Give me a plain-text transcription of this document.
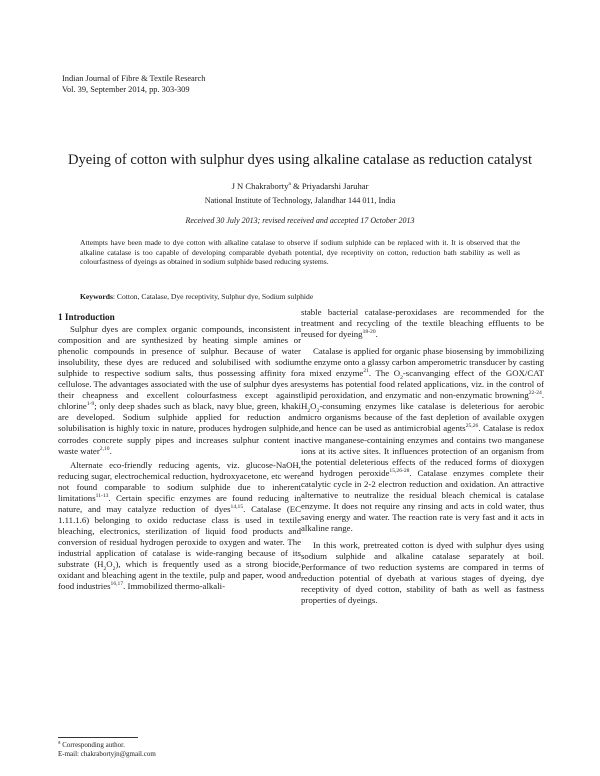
Indian Journal of Fibre & Textile Research
Vol. 39, September 2014, pp. 303-309
Dyeing of cotton with sulphur dyes using alkaline catalase as reduction catalyst
J N Chakraborty$^a$ & Priyadarshi Jaruhar
National Institute of Technology, Jalandhar 144 011, India
Received 30 July 2013; revised received and accepted 17 October 2013
Attempts have been made to dye cotton with alkaline catalase to observe if sodium sulphide can be replaced with it. It is observed that the alkaline catalase is too capable of developing comparable dyebath potential, dye receptivity on cotton, reduction bath stability as well as colourfastness of dyeings as obtained in sodium sulphide based reducing systems.
Keywords: Cotton, Catalase, Dye receptivity, Sulphur dye, Sodium sulphide
1 Introduction

Sulphur dyes are complex organic compounds, inconsistent in composition and are synthesized by heating simple amines or phenolic compounds in presence of sulphur. Because of water insolubility, these dyes are reduced and solubilised with sodium sulphide to respective sodium salts, thus possessing affinity for cellulose. The advantages associated with the use of sulphur dyes are their cheapness and excellent colourfastness except against chlorine$^{1-9}$; only deep shades such as black, navy blue, green, khaki are developed. Sodium sulphide applied for reduction and solubilisation is highly toxic in nature, produces hydrogen sulphide, corrodes concrete supply pipes and increases sulphur content in waste water$^{2,10}$.

Alternate eco-friendly reducing agents, viz. glucose-NaOH, reducing sugar, electrochemical reduction, hydroxyacetone, etc were not found comparable to sodium sulphide due to inherent limitations$^{11-13}$. Certain specific enzymes are found reducing in nature, and may catalyze reduction of dyes$^{14,15}$. Catalase (EC 1.11.1.6) belonging to oxido reductase class is used in textile bleaching, electronics, sterilization of liquid food products and conversion of residual hydrogen peroxide to oxygen and water. The industrial application of catalase is wide-ranging because of its substrate $(H_2O_2)$, which is frequently used as a strong biocide, oxidant and bleaching agent in the textile, pulp and paper, wood and food industries$^{16,17}$. Immobilized thermo-alkali-

stable bacterial catalase-peroxidases are recommended for the treatment and recycling of the textile bleaching effluents to be reused for dyeing$^{18-20}$.

Catalase is applied for organic phase biosensing by immobilizing the enzyme onto a glassy carbon amperometric transducer by casting a mixed enzyme$^{21}$. The $O_2$-scanvanging effect of the GOX/CAT systems has potential food related applications, viz. in the control of lipid peroxidation, and enzymatic and non-enzymatic browning$^{22-24}$. $H_2O_2$-consuming enzymes like catalase is deleterious for aerobic micro organisms because of the fast depletion of available oxygen and hence can be used as antimicrobial agents$^{25,26}$. Catalase is redox active manganese-containing enzymes and contains two manganese ions at its active sites. It influences protection of an organism from the potential deleterious effects of the reduced forms of dioxygen and hydrogen peroxide$^{15,26-28}$. Catalase enzymes complete their catalytic cycle in 2-2 electron reduction and oxidation. An attractive alternative to neutralize the residual bleach chemical is catalase enzyme. It does not require any rinsing and acts in cold water, thus saving energy and water. The reaction rate is very fast and it acts in alkaline range.

In this work, pretreated cotton is dyed with sulphur dyes using sodium sulphide and alkaline catalase separately at boil. Performance of two reduction systems are compared in terms of reduction potential of dyebath at various stages of dyeing, dye receptivity of dyed cotton, stability of bath as well as fastness properties of dyeings.

$^a$ Corresponding author.
E-mail: chakrabortyjn@gmail.com
